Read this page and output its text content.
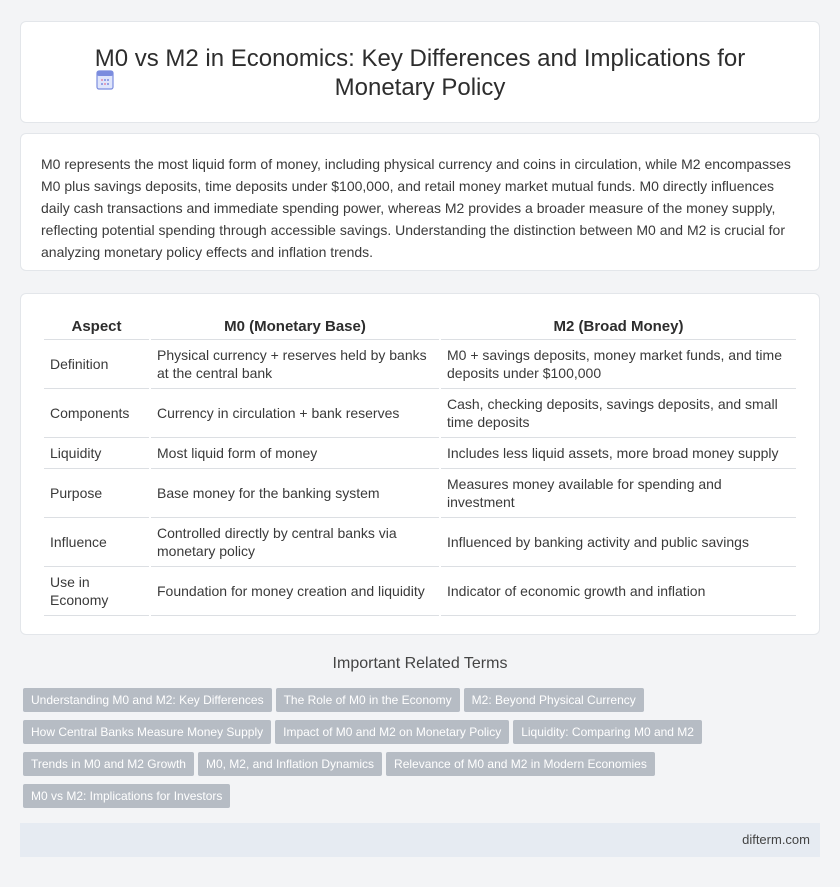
M0 vs M2 in Economics: Key Differences and Implications for Monetary Policy

M0 represents the most liquid form of money, including physical currency and coins in circulation, while M2 encompasses M0 plus savings deposits, time deposits under $100,000, and retail money market mutual funds. M0 directly influences daily cash transactions and immediate spending power, whereas M2 provides a broader measure of the money supply, reflecting potential spending through accessible savings. Understanding the distinction between M0 and M2 is crucial for analyzing monetary policy effects and inflation trends.

Aspect	M0 (Monetary Base)	M2 (Broad Money)
Definition	Physical currency + reserves held by banks at the central bank	M0 + savings deposits, money market funds, and time deposits under $100,000
Components	Currency in circulation + bank reserves	Cash, checking deposits, savings deposits, and small time deposits
Liquidity	Most liquid form of money	Includes less liquid assets, more broad money supply
Purpose	Base money for the banking system	Measures money available for spending and investment
Influence	Controlled directly by central banks via monetary policy	Influenced by banking activity and public savings
Use in Economy	Foundation for money creation and liquidity	Indicator of economic growth and inflation
Important Related Terms
Understanding M0 and M2: Key Differences The Role of M0 in the Economy M2: Beyond Physical Currency
How Central Banks Measure Money Supply Impact of M0 and M2 on Monetary Policy Liquidity: Comparing M0 and M2
Trends in M0 and M2 Growth M0, M2, and Inflation Dynamics Relevance of M0 and M2 in Modern Economies
M0 vs M2: Implications for Investors
difterm.com
